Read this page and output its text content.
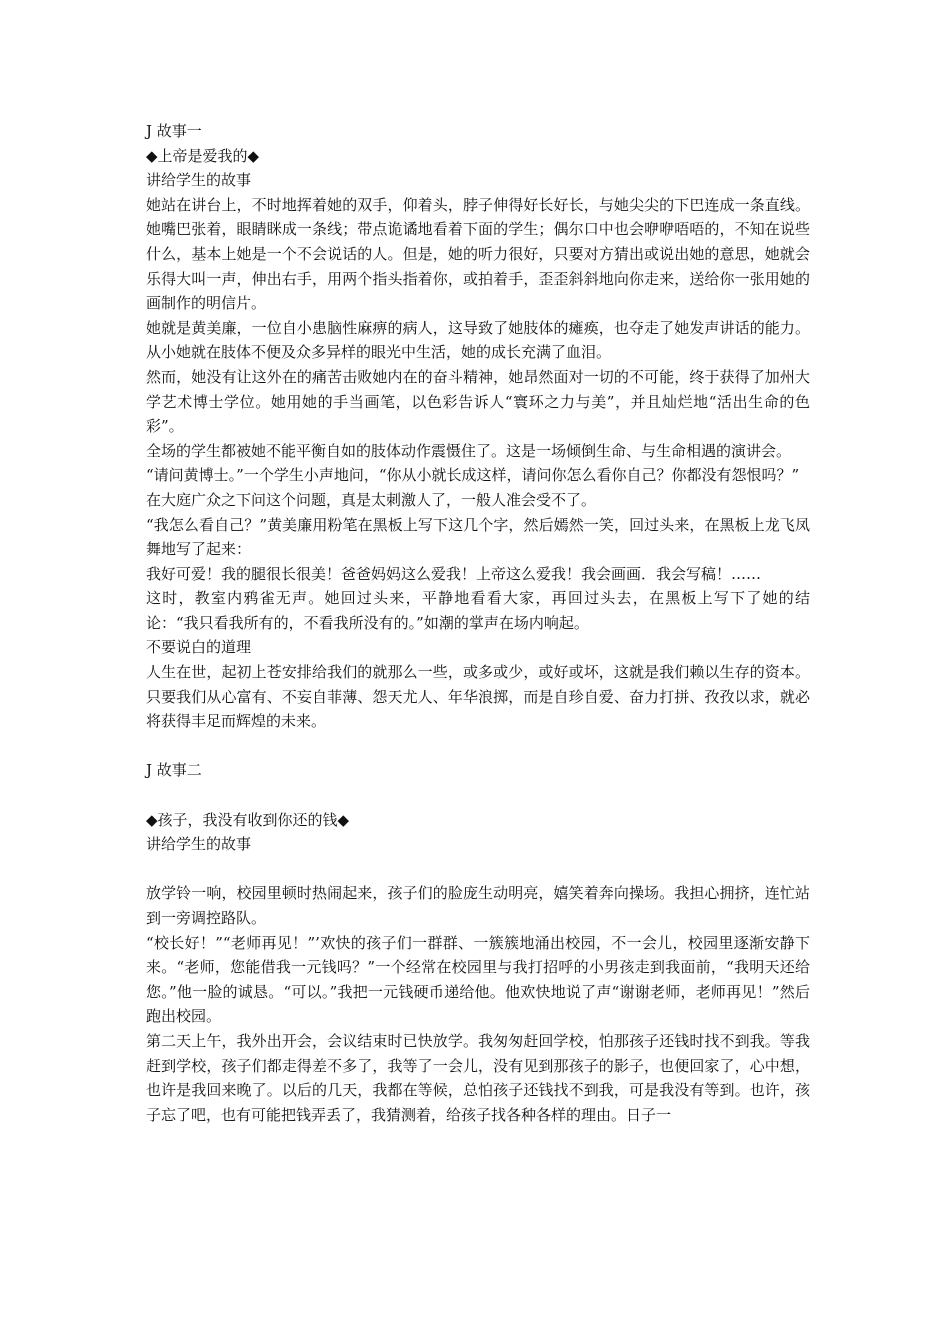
J 故事一

◆上帝是爱我的◆

讲给学生的故事

她站在讲台上，不时地挥着她的双手，仰着头，脖子伸得好长好长，与她尖尖的下巴连成一条直线。她嘴巴张着，眼睛眯成一条线；带点诡谲地看着下面的学生；偶尔口中也会咿咿唔唔的，不知在说些什么，基本上她是一个不会说话的人。但是，她的听力很好，只要对方猜出或说出她的意思，她就会乐得大叫一声，伸出右手，用两个指头指着你，或拍着手，歪歪斜斜地向你走来，送给你一张用她的画制作的明信片。

她就是黄美廉，一位自小患脑性麻痹的病人，这导致了她肢体的瘫痪，也夺走了她发声讲话的能力。从小她就在肢体不便及众多异样的眼光中生活，她的成长充满了血泪。

然而，她没有让这外在的痛苦击败她内在的奋斗精神，她昂然面对一切的不可能，终于获得了加州大学艺术博士学位。她用她的手当画笔，以色彩告诉人“寰环之力与美”，并且灿烂地“活出生命的色彩”。

全场的学生都被她不能平衡自如的肢体动作震慑住了。这是一场倾倒生命、与生命相遇的演讲会。

“请问黄博士。”一个学生小声地问，“你从小就长成这样，请问你怎么看你自己？你都没有怨恨吗？”

在大庭广众之下问这个问题，真是太刺激人了，一般人准会受不了。

“我怎么看自己？”黄美廉用粉笔在黑板上写下这几个字，然后嫣然一笑，回过头来，在黑板上龙飞凤舞地写了起来：

我好可爱！我的腿很长很美！爸爸妈妈这么爱我！上帝这么爱我！我会画画．我会写稿！……

这时，教室内鸦雀无声。她回过头来，平静地看看大家，再回过头去，在黑板上写下了她的结论：“我只看我所有的，不看我所没有的。”如潮的掌声在场内响起。

不要说白的道理

人生在世，起初上苍安排给我们的就那么一些，或多或少，或好或坏，这就是我们赖以生存的资本。只要我们从心富有、不妄自菲薄、怨天尤人、年华浪掷，而是自珍自爱、奋力打拼、孜孜以求，就必将获得丰足而辉煌的未来。

J 故事二

◆孩子，我没有收到你还的钱◆

讲给学生的故事

放学铃一响，校园里顿时热闹起来，孩子们的脸庞生动明亮，嬉笑着奔向操场。我担心拥挤，连忙站到一旁调控路队。

“校长好！”“老师再见！”’欢快的孩子们一群群、一簇簇地涌出校园，不一会儿，校园里逐渐安静下来。“老师，您能借我一元钱吗？”一个经常在校园里与我打招呼的小男孩走到我面前，“我明天还给您。”他一脸的诚恳。“可以。”我把一元钱硬币递给他。他欢快地说了声“谢谢老师，老师再见！”然后跑出校园。

第二天上午，我外出开会，会议结束时已快放学。我匆匆赶回学校，怕那孩子还钱时找不到我。等我赶到学校，孩子们都走得差不多了，我等了一会儿，没有见到那孩子的影子，也便回家了，心中想，也许是我回来晚了。以后的几天，我都在等候，总怕孩子还钱找不到我，可是我没有等到。也许，孩子忘了吧，也有可能把钱弄丢了，我猜测着，给孩子找各种各样的理由。日子一
